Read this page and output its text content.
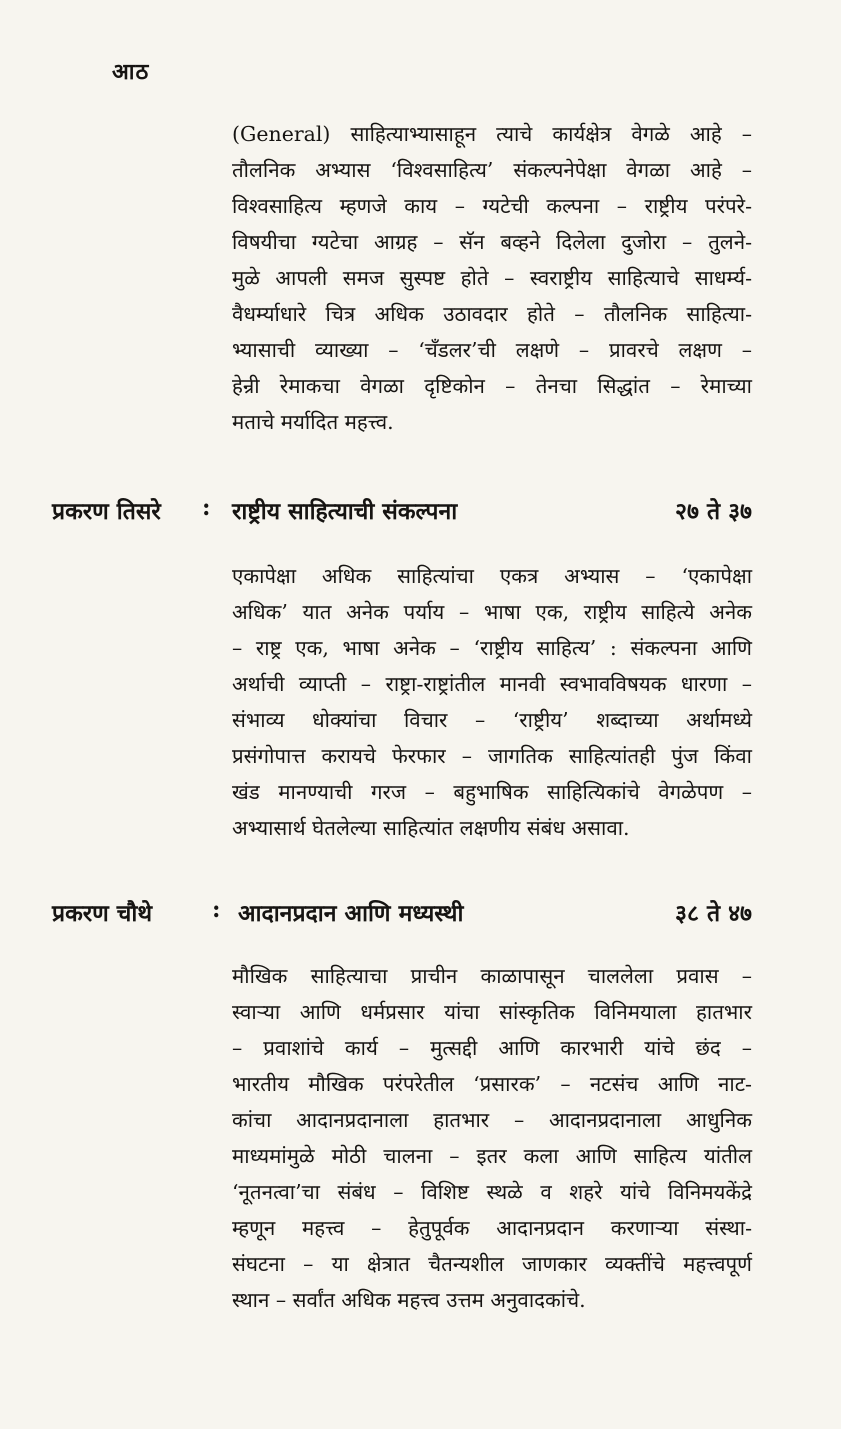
आठ
(General) साहित्याभ्यासाहून त्याचे कार्यक्षेत्र वेगळे आहे –
तौलनिक अभ्यास ‘विश्वसाहित्य’ संकल्पनेपेक्षा वेगळा आहे –
विश्वसाहित्य म्हणजे काय – ग्यटेची कल्पना – राष्ट्रीय परंपरे-
विषयीचा ग्यटेचा आग्रह – सॅन बव्हने दिलेला दुजोरा – तुलने-
मुळे आपली समज सुस्पष्ट होते – स्वराष्ट्रीय साहित्याचे साधर्म्य-
वैधर्म्याधारे चित्र अधिक उठावदार होते – तौलनिक साहित्या-
भ्यासाची व्याख्या – ‘चॅंडलर’ची लक्षणे – प्रावरचे लक्षण –
हेन्री रेमाकचा वेगळा दृष्टिकोन – तेनचा सिद्धांत – रेमाच्या
मताचे मर्यादित महत्त्व.
प्रकरण तिसरे : राष्ट्रीय साहित्याची संकल्पना	२७ ते ३७
एकापेक्षा अधिक साहित्यांचा एकत्र अभ्यास – ‘एकापेक्षा
अधिक’ यात अनेक पर्याय – भाषा एक, राष्ट्रीय साहित्ये अनेक
– राष्ट्र एक, भाषा अनेक – ‘राष्ट्रीय साहित्य’ : संकल्पना आणि
अर्थाची व्याप्ती – राष्ट्रा-राष्ट्रांतील मानवी स्वभावविषयक धारणा –
संभाव्य धोक्यांचा विचार – ‘राष्ट्रीय’ शब्दाच्या अर्थामध्ये
प्रसंगोपात्त करायचे फेरफार – जागतिक साहित्यांतही पुंज किंवा
खंड मानण्याची गरज – बहुभाषिक साहित्यिकांचे वेगळेपण –
अभ्यासार्थ घेतलेल्या साहित्यांत लक्षणीय संबंध असावा.
प्रकरण चौथे	: आदानप्रदान आणि मध्यस्थी	३८ ते ४७
मौखिक साहित्याचा प्राचीन काळापासून चाललेला प्रवास –
स्वाऱ्या आणि धर्मप्रसार यांचा सांस्कृतिक विनिमयाला हातभार
– प्रवाशांचे कार्य – मुत्सद्दी आणि कारभारी यांचे छंद –
भारतीय मौखिक परंपरेतील ‘प्रसारक’ – नटसंच आणि नाट-
कांचा आदानप्रदानाला हातभार – आदानप्रदानाला आधुनिक
माध्यमांमुळे मोठी चालना – इतर कला आणि साहित्य यांतील
‘नूतनत्वा’चा संबंध – विशिष्ट स्थळे व शहरे यांचे विनिमयकेंद्रे
म्हणून महत्त्व – हेतुपूर्वक आदानप्रदान करणाऱ्या संस्था-
संघटना – या क्षेत्रात चैतन्यशील जाणकार व्यक्तींचे महत्त्वपूर्ण
स्थान – सर्वांत अधिक महत्त्व उत्तम अनुवादकांचे.
